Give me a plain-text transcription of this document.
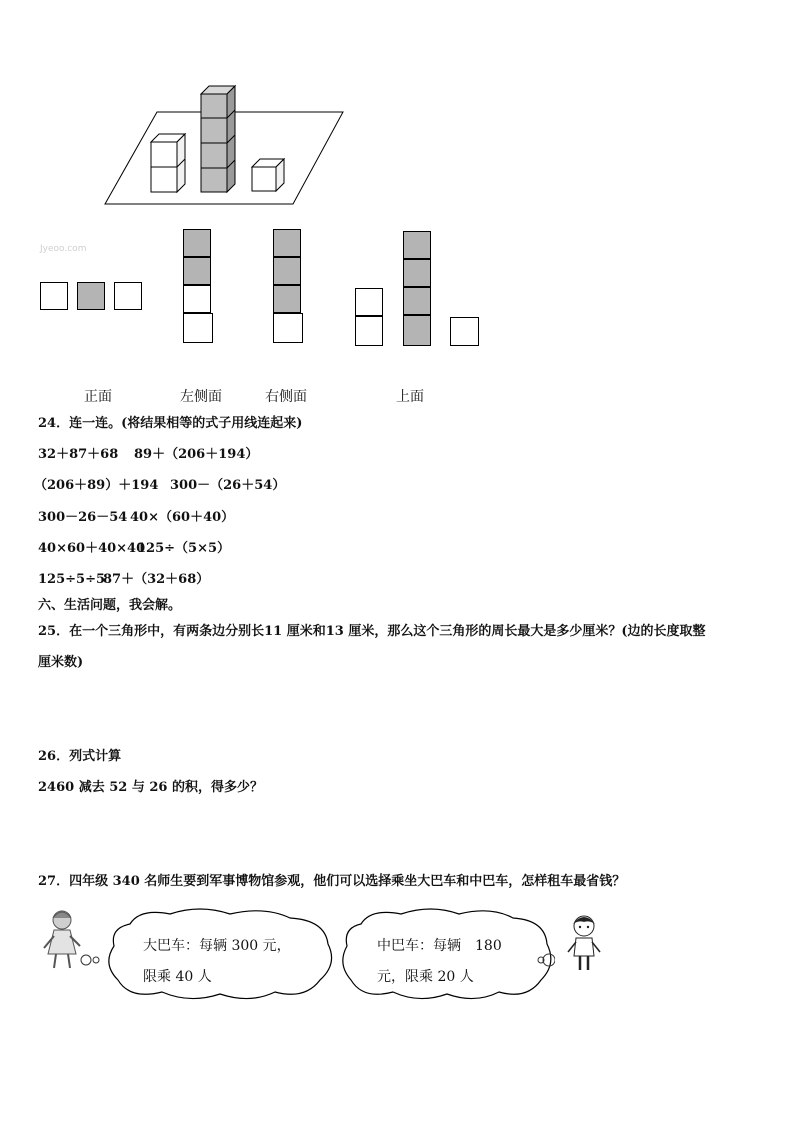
Jyeoo.com
正面	左侧面	右侧面	上面
24．连一连。(将结果相等的式子用线连起来)
32＋87＋68 89＋（206＋194）
（206＋89）＋194 300－（26＋54）
300－26－54 40×（60＋40）
40×60＋40×40
125÷（5×5）
125÷5÷5
87＋（32＋68）
六、生活问题，我会解。
25．在一个三角形中，有两条边分别长11 厘米和13 厘米，那么这个三角形的周长最大是多少厘米？(边的长度取整
厘米数)
26．列式计算
2460 减去 52 与 26 的积，得多少？
27．四年级 340 名师生要到军事博物馆参观，他们可以选择乘坐大巴车和中巴车，怎样租车最省钱？
大巴车：每辆 300 元，
限乘 40 人
中巴车：每辆　180
元，限乘 20 人
